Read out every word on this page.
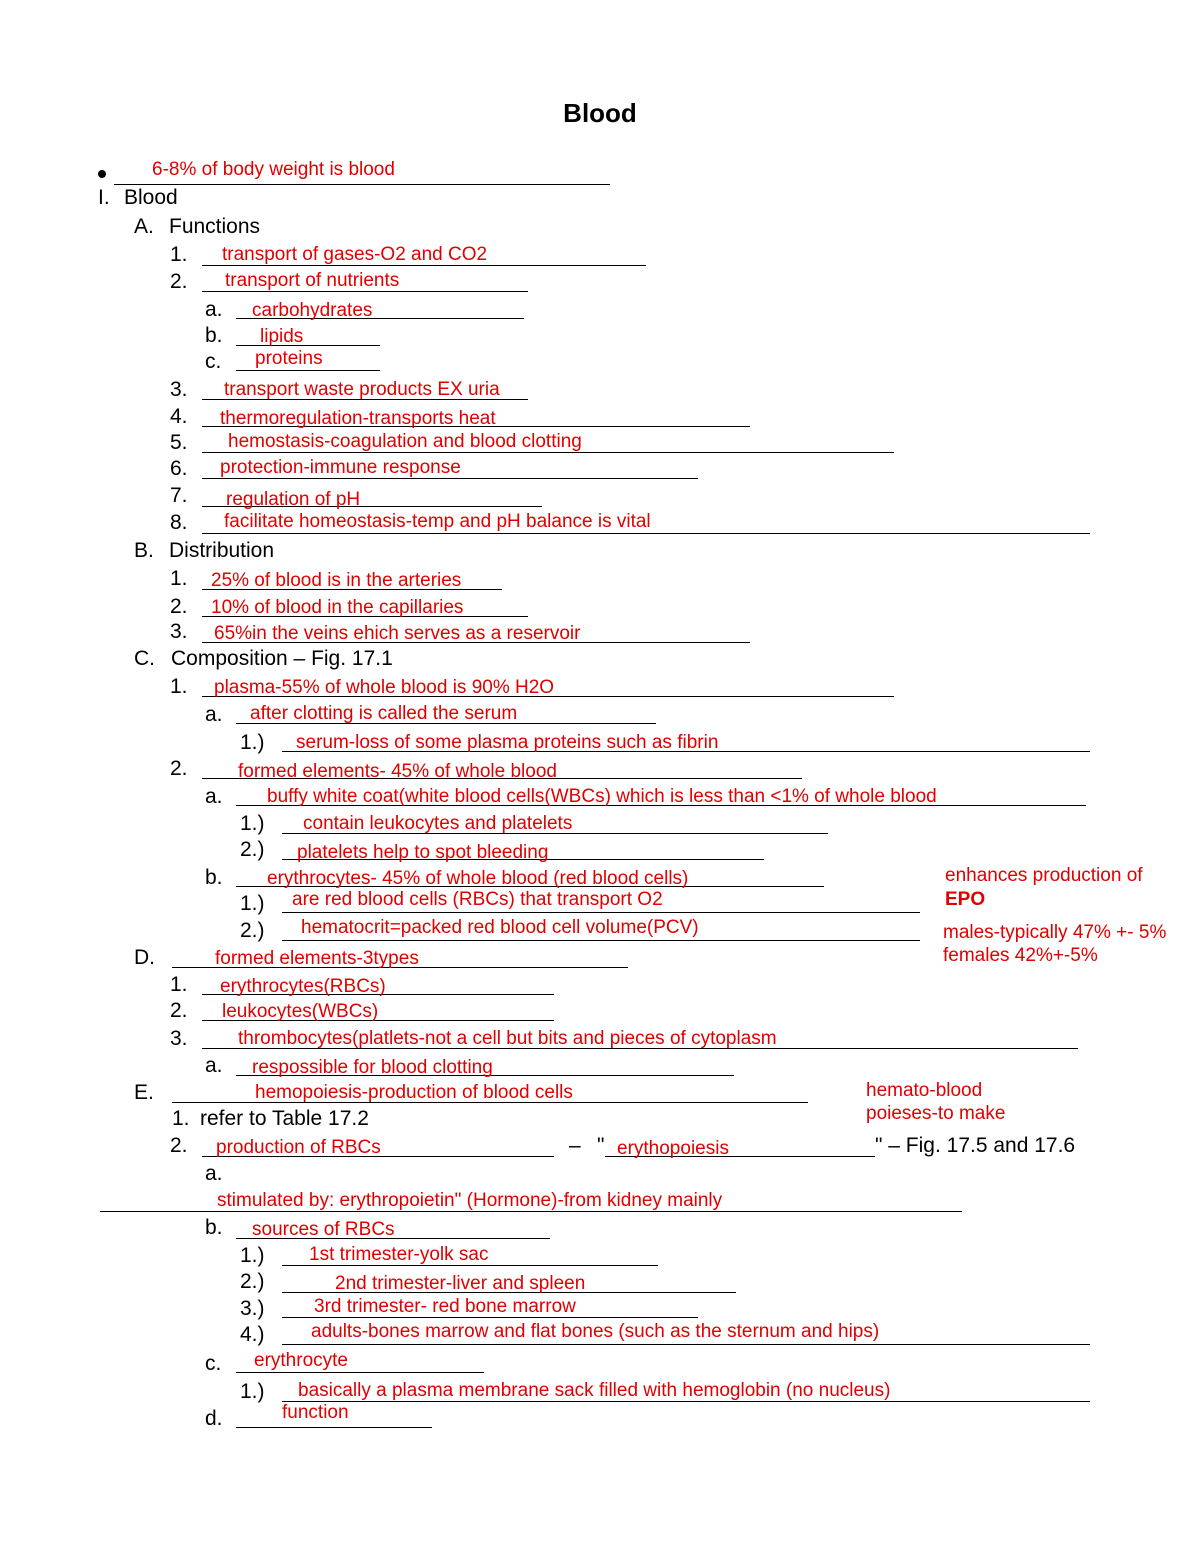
Blood
6-8% of body weight is blood
I. Blood
A. Functions
1. transport of gases-O2 and CO2
2. transport of nutrients
a. carbohydrates
b. lipids
c. proteins
3. transport waste products EX uria
4. thermoregulation-transports heat
5. hemostasis-coagulation and blood clotting
6. protection-immune response
7. regulation of pH
8. facilitate homeostasis-temp and pH balance is vital
B. Distribution
1. 25% of blood is in the arteries
2. 10% of blood in the capillaries
3. 65%in the veins ehich serves as a reservoir
C. Composition – Fig. 17.1
1. plasma-55% of whole blood is 90% H2O
a. after clotting is called the serum
1.) serum-loss of some plasma proteins such as fibrin
2.	formed elements- 45% of whole blood
a. buffy white coat(white blood cells(WBCs) which is less than <1% of whole blood
1.) contain leukocytes and platelets
2.) platelets help to spot bleeding
b. erythrocytes- 45% of whole blood (red blood cells)
1.) are red blood cells (RBCs) that transport O2
2.) hematocrit=packed red blood cell volume(PCV)
enhances production of
EPO
males-typically 47% +- 5%
females 42%+-5%
D.	formed elements-3types
1. erythrocytes(RBCs)
2. leukocytes(WBCs)
3.	thrombocytes(platlets-not a cell but bits and pieces of cytoplasm
a. respossible for blood clotting
E.	hemopoiesis-production of blood cells	hemato-blood
poieses-to make
1. refer to Table 17.2
2. production of RBCs	– " erythopoiesis	" – Fig. 17.5 and 17.6
a.
stimulated by: erythropoietin" (Hormone)-from kidney mainly
b. sources of RBCs
1.) 1st trimester-yolk sac
2.)	2nd trimester-liver and spleen
3.)	3rd trimester- red bone marrow
4.) adults-bones marrow and flat bones (such as the sternum and hips)
c. erythrocyte
1.) basically a plasma membrane sack filled with hemoglobin (no nucleus)
d.	function
